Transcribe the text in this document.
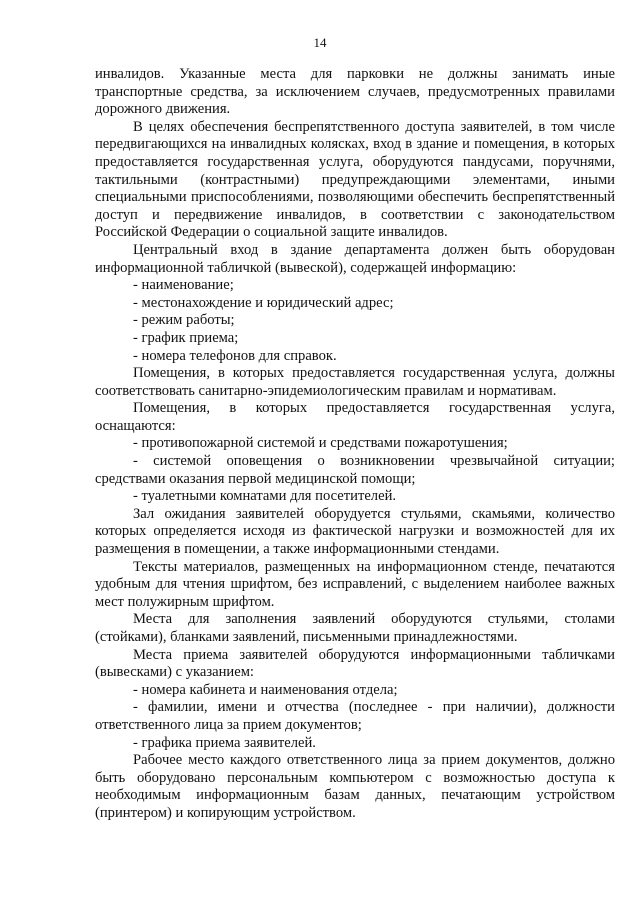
14

инвалидов. Указанные места для парковки не должны занимать иные транспортные средства, за исключением случаев, предусмотренных правилами дорожного движения.

В целях обеспечения беспрепятственного доступа заявителей, в том числе передвигающихся на инвалидных колясках, вход в здание и помещения, в которых предоставляется государственная услуга, оборудуются пандусами, поручнями, тактильными (контрастными) предупреждающими элементами, иными специальными приспособлениями, позволяющими обеспечить беспрепятственный доступ и передвижение инвалидов, в соответствии с законодательством Российской Федерации о социальной защите инвалидов.

Центральный вход в здание департамента должен быть оборудован информационной табличкой (вывеской), содержащей информацию:

- наименование;

- местонахождение и юридический адрес;

- режим работы;

- график приема;

- номера телефонов для справок.

Помещения, в которых предоставляется государственная услуга, должны соответствовать санитарно-эпидемиологическим правилам и нормативам.

Помещения, в которых предоставляется государственная услуга, оснащаются:

- противопожарной системой и средствами пожаротушения;

- системой оповещения о возникновении чрезвычайной ситуации; средствами оказания первой медицинской помощи;

- туалетными комнатами для посетителей.

Зал ожидания заявителей оборудуется стульями, скамьями, количество которых определяется исходя из фактической нагрузки и возможностей для их размещения в помещении, а также информационными стендами.

Тексты материалов, размещенных на информационном стенде, печатаются удобным для чтения шрифтом, без исправлений, с выделением наиболее важных мест полужирным шрифтом.

Места для заполнения заявлений оборудуются стульями, столами (стойками), бланками заявлений, письменными принадлежностями.

Места приема заявителей оборудуются информационными табличками (вывесками) с указанием:

- номера кабинета и наименования отдела;

- фамилии, имени и отчества (последнее - при наличии), должности ответственного лица за прием документов;

- графика приема заявителей.

Рабочее место каждого ответственного лица за прием документов, должно быть оборудовано персональным компьютером с возможностью доступа к необходимым информационным базам данных, печатающим устройством (принтером) и копирующим устройством.
